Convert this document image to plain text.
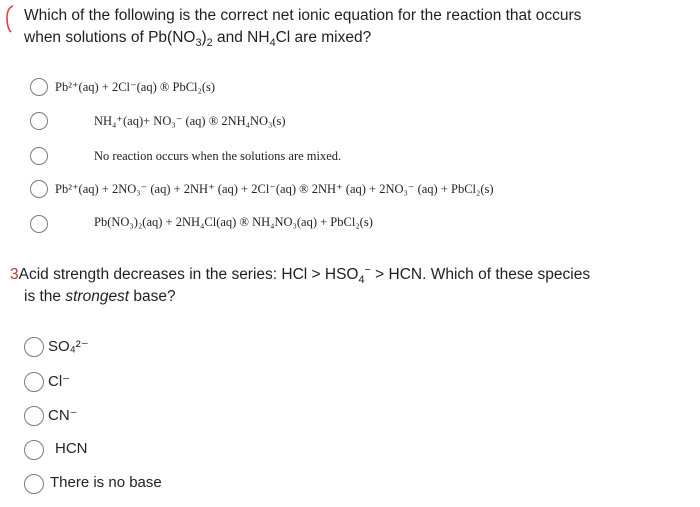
Which of the following is the correct net ionic equation for the reaction that occurs
when solutions of $Pb(NO_3)_2$ and $NH_4Cl$ are mixed?
Pb²⁺(aq) + 2Cl⁻(aq) ® PbCl₂(s)
NH₄⁺(aq)+ NO₃⁻ (aq) ® 2NH₄NO₃(s)
No reaction occurs when the solutions are mixed.
Pb²⁺(aq) + 2NO₃⁻ (aq) + 2NH⁺ (aq) + 2Cl⁻(aq) ® 2NH⁺ (aq) + 2NO₃⁻ (aq) + PbCl₂(s)
Pb(NO₃)₂(aq) + 2NH₄Cl(aq) ® NH₄NO₃(aq) + PbCl₂(s)
3Acid strength decreases in the series: HCl > $HSO_4^-$ > HCN. Which of these species
is the strongest base?
SO₄²⁻
Cl⁻
CN⁻
HCN
There is no base
